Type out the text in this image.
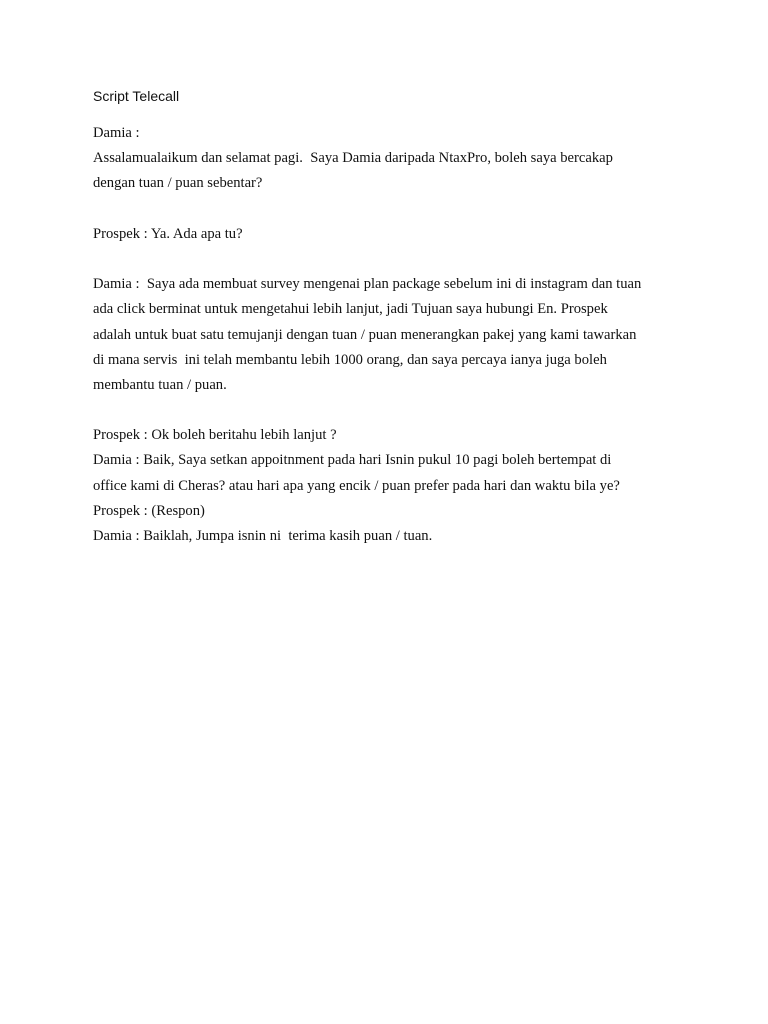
Script Telecall
Damia :
Assalamualaikum dan selamat pagi.  Saya Damia daripada NtaxPro, boleh saya bercakap
dengan tuan / puan sebentar?
Prospek : Ya. Ada apa tu?
Damia :  Saya ada membuat survey mengenai plan package sebelum ini di instagram dan tuan
ada click berminat untuk mengetahui lebih lanjut, jadi Tujuan saya hubungi En. Prospek
adalah untuk buat satu temujanji dengan tuan / puan menerangkan pakej yang kami tawarkan
di mana servis  ini telah membantu lebih 1000 orang, dan saya percaya ianya juga boleh
membantu tuan / puan.
Prospek : Ok boleh beritahu lebih lanjut ?
Damia : Baik, Saya setkan appoitnment pada hari Isnin pukul 10 pagi boleh bertempat di
office kami di Cheras? atau hari apa yang encik / puan prefer pada hari dan waktu bila ye?
Prospek : (Respon)
Damia : Baiklah, Jumpa isnin ni  terima kasih puan / tuan.
